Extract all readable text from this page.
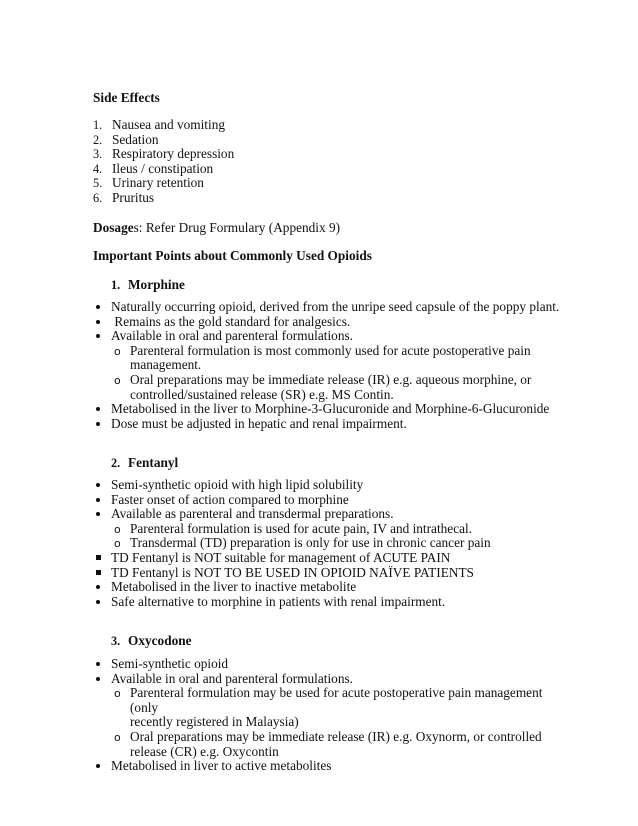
Side Effects
1. Nausea and vomiting
2. Sedation
3. Respiratory depression
4. Ileus / constipation
5. Urinary retention
6. Pruritus
Dosages: Refer Drug Formulary (Appendix 9)
Important Points about Commonly Used Opioids
1. Morphine
Naturally occurring opioid, derived from the unripe seed capsule of the poppy plant.
Remains as the gold standard for analgesics.
Available in oral and parenteral formulations.
o Parenteral formulation is most commonly used for acute postoperative pain
management.
o Oral preparations may be immediate release (IR) e.g. aqueous morphine, or
controlled/sustained release (SR) e.g. MS Contin.
Metabolised in the liver to Morphine-3-Glucuronide and Morphine-6-Glucuronide
Dose must be adjusted in hepatic and renal impairment.
2. Fentanyl
Semi-synthetic opioid with high lipid solubility
Faster onset of action compared to morphine
Available as parenteral and transdermal preparations.
o Parenteral formulation is used for acute pain, IV and intrathecal.
o Transdermal (TD) preparation is only for use in chronic cancer pain
TD Fentanyl is NOT suitable for management of ACUTE PAIN
TD Fentanyl is NOT TO BE USED IN OPIOID NAÏVE PATIENTS
Metabolised in the liver to inactive metabolite
Safe alternative to morphine in patients with renal impairment.
3. Oxycodone
Semi-synthetic opioid
Available in oral and parenteral formulations.
o Parenteral formulation may be used for acute postoperative pain management (only
recently registered in Malaysia)
o Oral preparations may be immediate release (IR) e.g. Oxynorm, or controlled
release (CR) e.g. Oxycontin
Metabolised in liver to active metabolites
